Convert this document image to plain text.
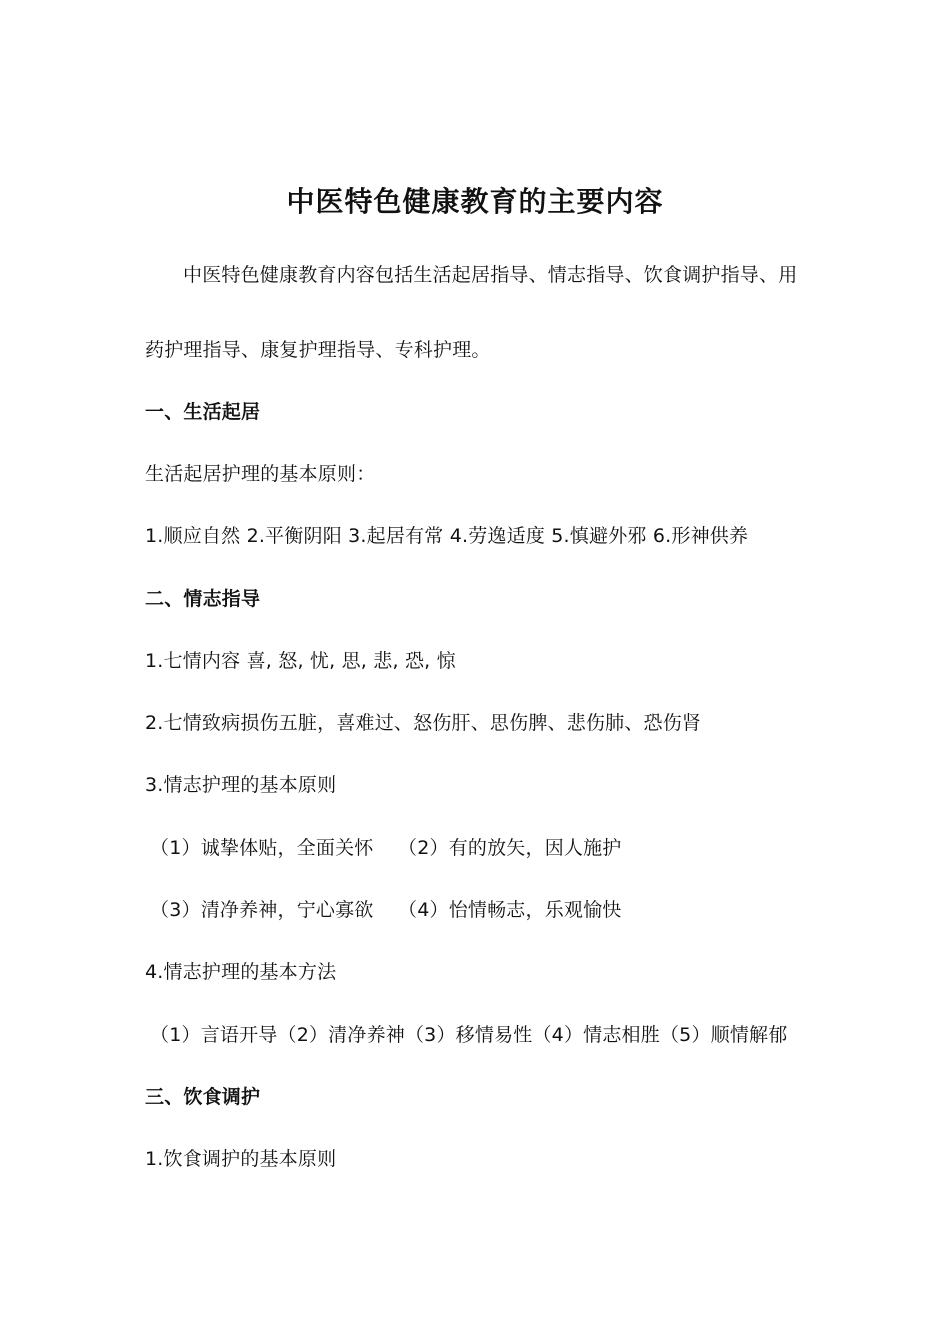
中医特色健康教育的主要内容
中医特色健康教育内容包括生活起居指导、情志指导、饮食调护指导、用
药护理指导、康复护理指导、专科护理。
一、生活起居
生活起居护理的基本原则：
1.顺应自然 2.平衡阴阳 3.起居有常 4.劳逸适度 5.慎避外邪 6.形神供养
二、情志指导
1.七情内容 喜, 怒, 忧, 思, 悲, 恐, 惊
2.七情致病损伤五脏，喜难过、怒伤肝、思伤脾、悲伤肺、恐伤肾
3.情志护理的基本原则
（1）诚挚体贴，全面关怀 （2）有的放矢，因人施护
（3）清净养神，宁心寡欲 （4）怡情畅志，乐观愉快
4.情志护理的基本方法
（1）言语开导（2）清净养神（3）移情易性（4）情志相胜（5）顺情解郁
三、饮食调护
1.饮食调护的基本原则
